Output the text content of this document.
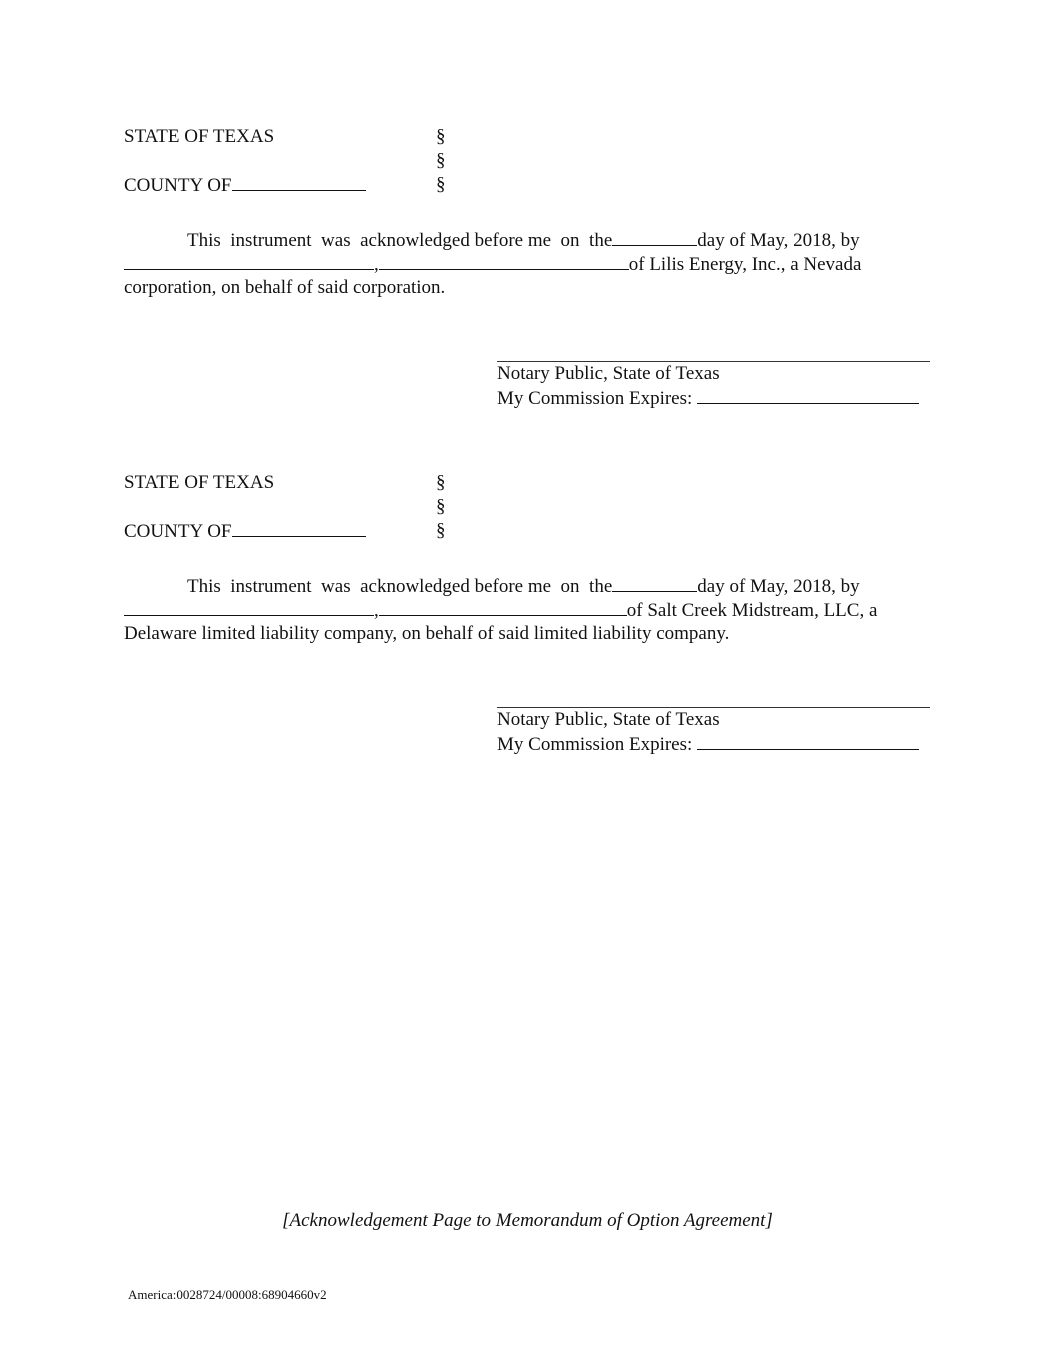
STATE OF TEXAS	§
§
COUNTY OF	§
This  instrument  was  acknowledged before me  on  the	day of May, 2018, by
,	of Lilis Energy, Inc., a Nevada
corporation, on behalf of said corporation.
Notary Public, State of Texas
My Commission Expires:
STATE OF TEXAS	§
§
COUNTY OF	§
This  instrument  was  acknowledged before me  on  the	day of May, 2018, by
,	of Salt Creek Midstream, LLC, a
Delaware limited liability company, on behalf of said limited liability company.
Notary Public, State of Texas
My Commission Expires:
[Acknowledgement Page to Memorandum of Option Agreement]
America:0028724/00008:68904660v2
